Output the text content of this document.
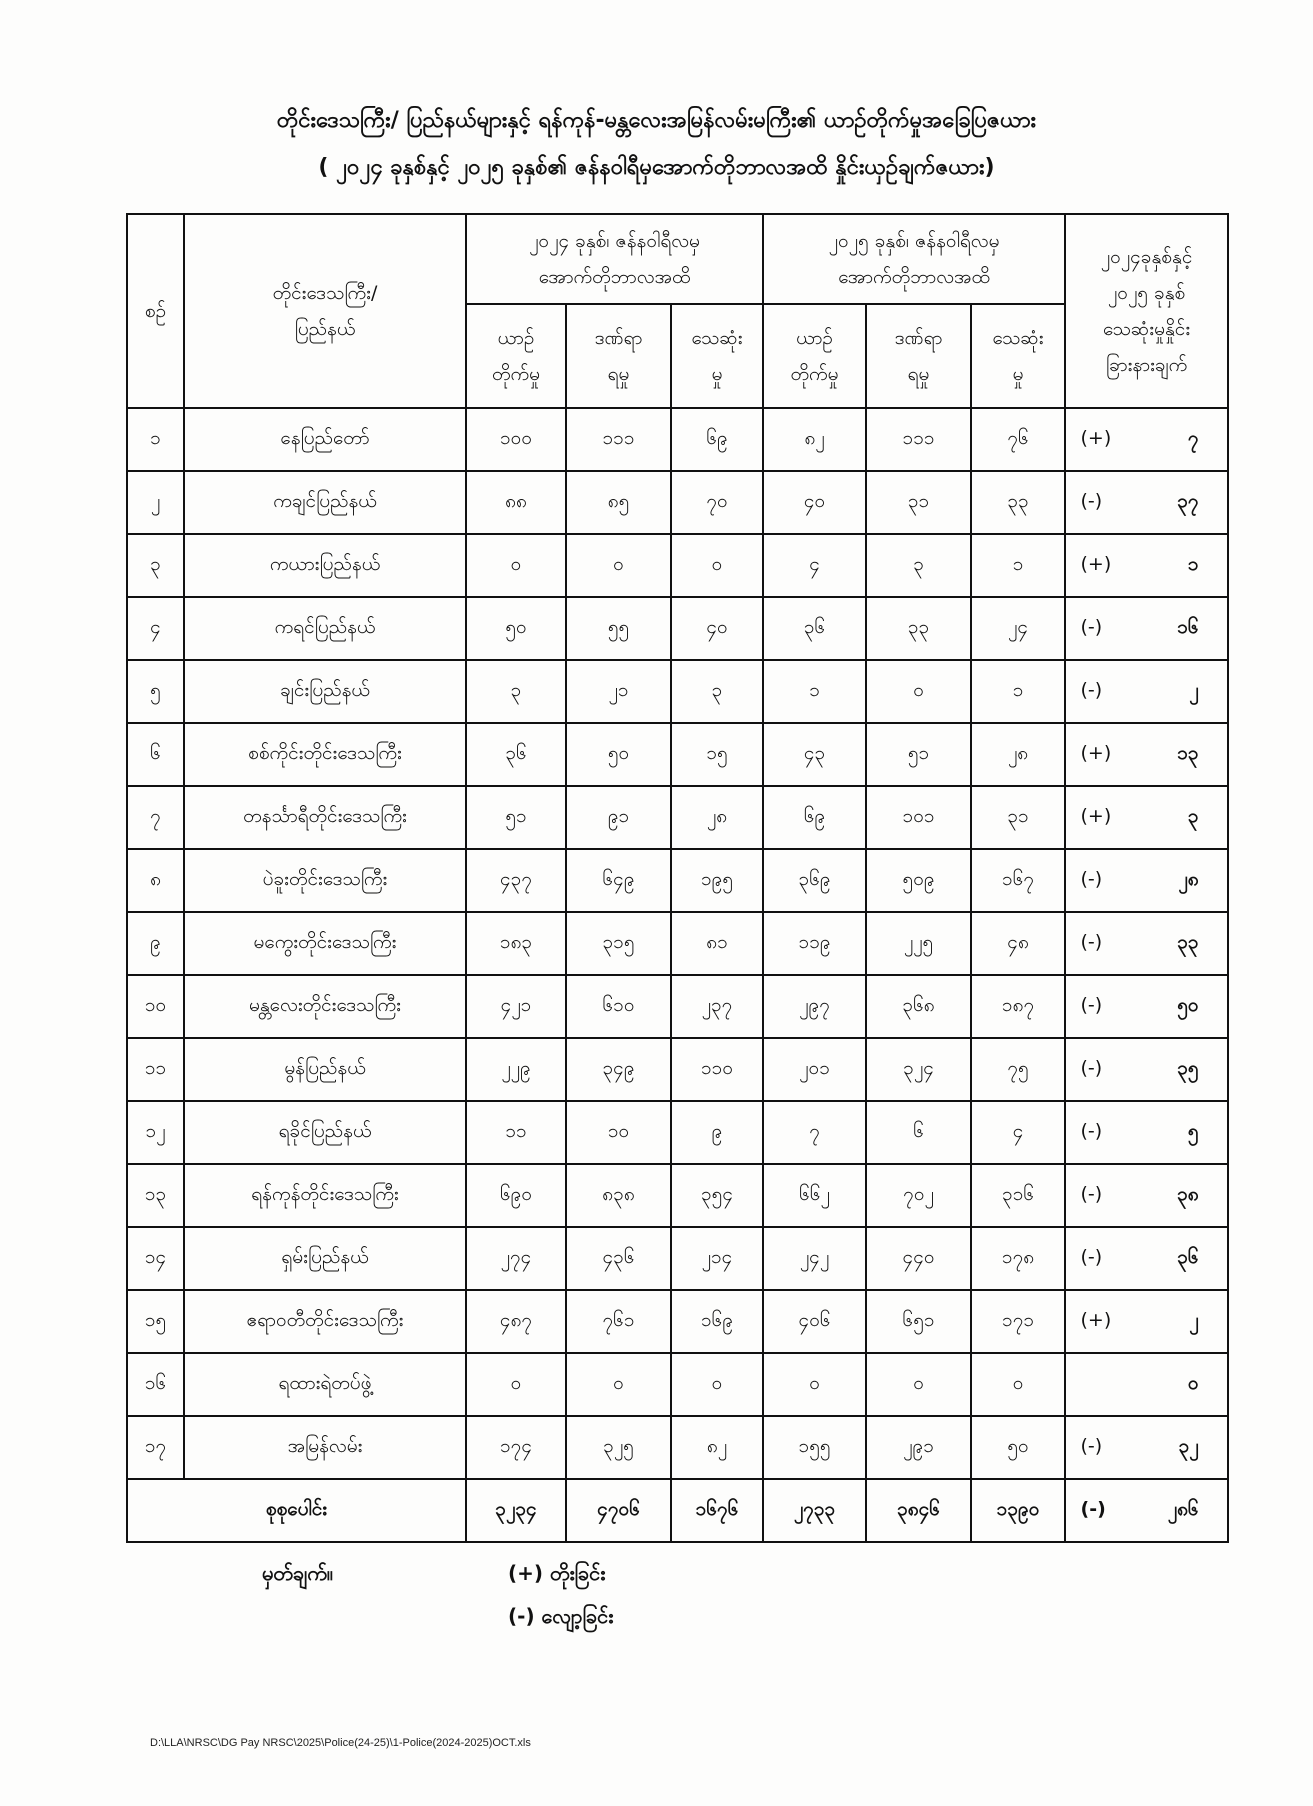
တိုင်းဒေသကြီး/ ပြည်နယ်များနှင့် ရန်ကုန်-မန္တလေးအမြန်လမ်းမကြီး၏ ယာဉ်တိုက်မှုအခြေပြဇယား
( ၂၀၂၄ ခုနှစ်နှင့် ၂၀၂၅ ခုနှစ်၏ ဇန်နဝါရီမှအောက်တိုဘာလအထိ နှိုင်းယှဉ်ချက်ဇယား)
စဉ်	တိုင်းဒေသကြီး/ ပြည်နယ်	၂၀၂၄ ခုနှစ်၊ ဇန်နဝါရီလမှ အောက်တိုဘာလအထိ			၂၀၂၅ ခုနှစ်၊ ဇန်နဝါရီလမှ အောက်တိုဘာလအထိ			၂၀၂၄ခုနှစ်နှင့် ၂၀၂၅ ခုနှစ် သေဆုံးမှုနှိုင်း ခြားနားချက်
		ယာဉ် တိုက်မှု	ဒဏ်ရာ ရမှု	သေဆုံး မှု	ယာဉ် တိုက်မှု	ဒဏ်ရာ ရမှု	သေဆုံး မှု	
၁	နေပြည်တော်	၁၀၀	၁၁၁	၆၉	၈၂	၁၁၁	၇၆	(+) ၇
၂	ကချင်ပြည်နယ်	၈၈	၈၅	၇၀	၄၀	၃၁	၃၃	(-) ၃၇
၃	ကယားပြည်နယ်	၀	၀	၀	၄	၃	၁	(+) ၁
၄	ကရင်ပြည်နယ်	၅၀	၅၅	၄၀	၃၆	၃၃	၂၄	(-) ၁၆
၅	ချင်းပြည်နယ်	၃	၂၁	၃	၁	၀	၁	(-) ၂
၆	စစ်ကိုင်းတိုင်းဒေသကြီး	၃၆	၅၀	၁၅	၄၃	၅၁	၂၈	(+) ၁၃
၇	တနင်္သာရီတိုင်းဒေသကြီး	၅၁	၉၁	၂၈	၆၉	၁၀၁	၃၁	(+) ၃
၈	ပဲခူးတိုင်းဒေသကြီး	၄၃၇	၆၄၉	၁၉၅	၃၆၉	၅၀၉	၁၆၇	(-) ၂၈
၉	မကွေးတိုင်းဒေသကြီး	၁၈၃	၃၁၅	၈၁	၁၁၉	၂၂၅	၄၈	(-) ၃၃
၁၀	မန္တလေးတိုင်းဒေသကြီး	၄၂၁	၆၁၀	၂၃၇	၂၉၇	၃၆၈	၁၈၇	(-) ၅၀
၁၁	မွန်ပြည်နယ်	၂၂၉	၃၄၉	၁၁၀	၂၀၁	၃၂၄	၇၅	(-) ၃၅
၁၂	ရခိုင်ပြည်နယ်	၁၁	၁၀	၉	၇	၆	၄	(-) ၅
၁၃	ရန်ကုန်တိုင်းဒေသကြီး	၆၉၀	၈၃၈	၃၅၄	၆၆၂	၇၀၂	၃၁၆	(-) ၃၈
၁၄	ရှမ်းပြည်နယ်	၂၇၄	၄၃၆	၂၁၄	၂၄၂	၄၄၀	၁၇၈	(-) ၃၆
၁၅	ဧရာဝတီတိုင်းဒေသကြီး	၄၈၇	၇၆၁	၁၆၉	၄၀၆	၆၅၁	၁၇၁	(+) ၂
၁၆	ရထားရဲတပ်ဖွဲ့	၀	၀	၀	၀	၀	၀	၀
၁၇	အမြန်လမ်း	၁၇၄	၃၂၅	၈၂	၁၅၅	၂၉၁	၅၀	(-) ၃၂
စုစုပေါင်း		၃၂၃၄	၄၇၀၆	၁၆၇၆	၂၇၃၃	၃၈၄၆	၁၃၉၀	(-) ၂၈၆
မှတ်ချက်။	(+) တိုးခြင်း
(-) လျော့ခြင်း
D:\LLA\NRSC\DG Pay NRSC\2025\Police(24-25)\1-Police(2024-2025)OCT.xls
